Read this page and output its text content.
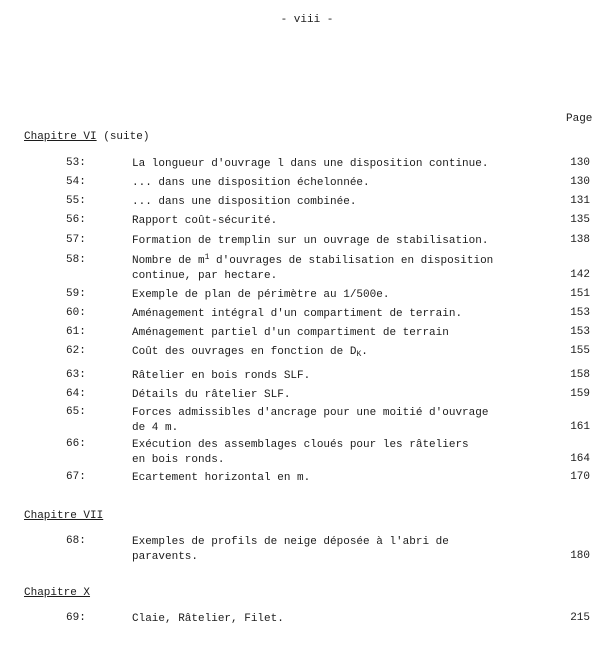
- viii -
Page
Chapitre VI (suite)
53:	La longueur d'ouvrage l dans une disposition continue.	130
54:	... dans une disposition échelonnée.	130
55:	... dans une disposition combinée.	131
56:	Rapport coût-sécurité.	135
57:	Formation de tremplin sur un ouvrage de stabilisation.	138
58:	Nombre de $m^1$ d'ouvrages de stabilisation en disposition
continue, par hectare.	142
59:	Exemple de plan de périmètre au 1/500e.	151
60:	Aménagement intégral d'un compartiment de terrain.	153
61:	Aménagement partiel d'un compartiment de terrain	153
62:	Coût des ouvrages en fonction de $D_K$.	155
63:	Râtelier en bois ronds SLF.	158
64:	Détails du râtelier SLF.	159
65:	Forces admissibles d'ancrage pour une moitié d'ouvrage
de 4 m.	161
66:	Exécution des assemblages cloués pour les râteliers
en bois ronds.	164
67:	Ecartement horizontal en m.	170
Chapitre VII
68:	Exemples de profils de neige déposée à l'abri de
paravents.	180
Chapitre X
69:	Claie, Râtelier, Filet.	215
